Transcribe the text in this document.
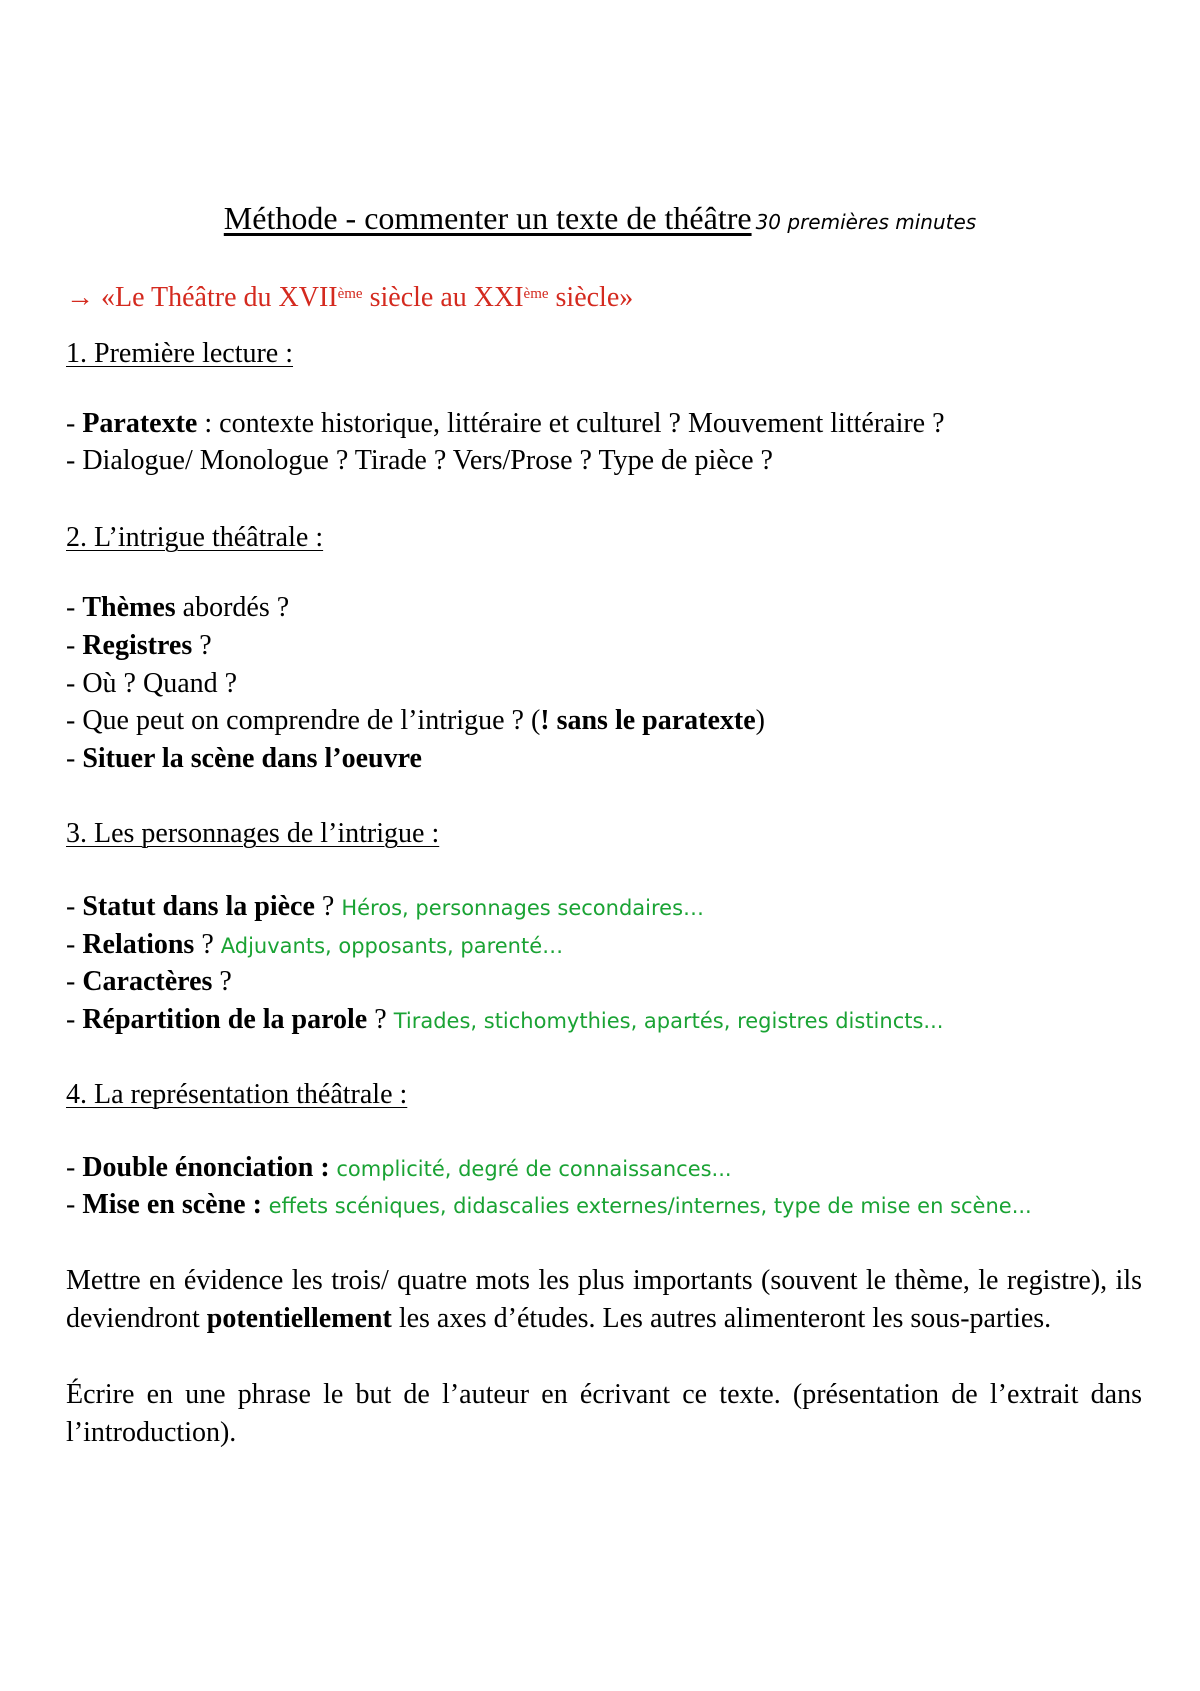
Méthode - commenter un texte de théâtre 30 premières minutes
→ «Le Théâtre du XVIIème siècle au XXIème siècle»
1. Première lecture :
- Paratexte : contexte historique, littéraire et culturel ? Mouvement littéraire ?
- Dialogue/ Monologue ? Tirade ? Vers/Prose ? Type de pièce ?
2. L’intrigue théâtrale :
- Thèmes abordés ?
- Registres ?
- Où ? Quand ?
- Que peut on comprendre de l’intrigue ? (! sans le paratexte)
- Situer la scène dans l’oeuvre
3. Les personnages de l’intrigue :
- Statut dans la pièce ? Héros, personnages secondaires…
- Relations ? Adjuvants, opposants, parenté…
- Caractères ?
- Répartition de la parole ? Tirades, stichomythies, apartés, registres distincts...
4. La représentation théâtrale :
- Double énonciation : complicité, degré de connaissances...
- Mise en scène : effets scéniques, didascalies externes/internes, type de mise en scène...
Mettre en évidence les trois/ quatre mots les plus importants (souvent le thème, le registre), ils deviendront potentiellement les axes d’études. Les autres alimenteront les sous-parties.
Écrire en une phrase le but de l’auteur en écrivant ce texte. (présentation de l’extrait dans l’introduction).
